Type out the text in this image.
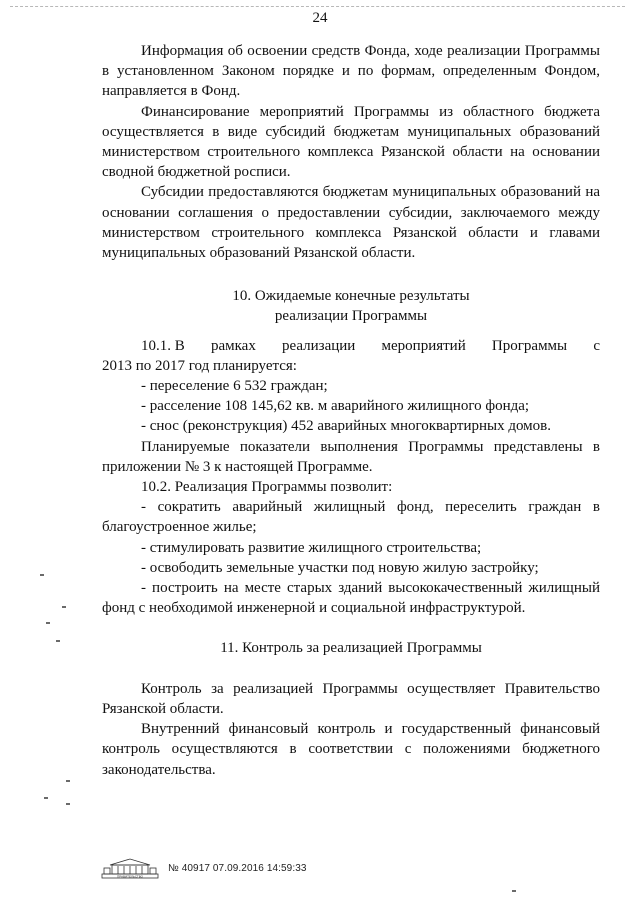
24

Информация об освоении средств Фонда, ходе реализации Программы в установленном Законом порядке и по формам, определенным Фондом, направляется в Фонд.

Финансирование мероприятий Программы из областного бюджета осуществляется в виде субсидий бюджетам муниципальных образований министерством строительного комплекса Рязанской области на основании сводной бюджетной росписи.

Субсидии предоставляются бюджетам муниципальных образований на основании соглашения о предоставлении субсидии, заключаемого между министерством строительного комплекса Рязанской области и главами муниципальных образований Рязанской области.

10. Ожидаемые конечные результаты

реализации Программы

10.1. В рамках реализации мероприятий Программы с

2013 по 2017 год планируется:

- переселение 6 532 граждан;

- расселение 108 145,62 кв. м аварийного жилищного фонда;

- снос (реконструкция) 452 аварийных многоквартирных домов.

Планируемые показатели выполнения Программы представлены в приложении № 3 к настоящей Программе.

10.2. Реализация Программы позволит:

- сократить аварийный жилищный фонд, переселить граждан в благоустроенное жилье;

- стимулировать развитие жилищного строительства;

- освободить земельные участки под новую жилую застройку;

- построить на месте старых зданий высококачественный жилищный фонд с необходимой инженерной и социальной инфраструктурой.

11. Контроль за реализацией Программы

Контроль за реализацией Программы осуществляет Правительство Рязанской области.

Внутренний финансовый контроль и государственный финансовый контроль осуществляются в соответствии с положениями бюджетного законодательства.

ПРАВИТЕЛЬСТВО
№ 40917 07.09.2016 14:59:33
